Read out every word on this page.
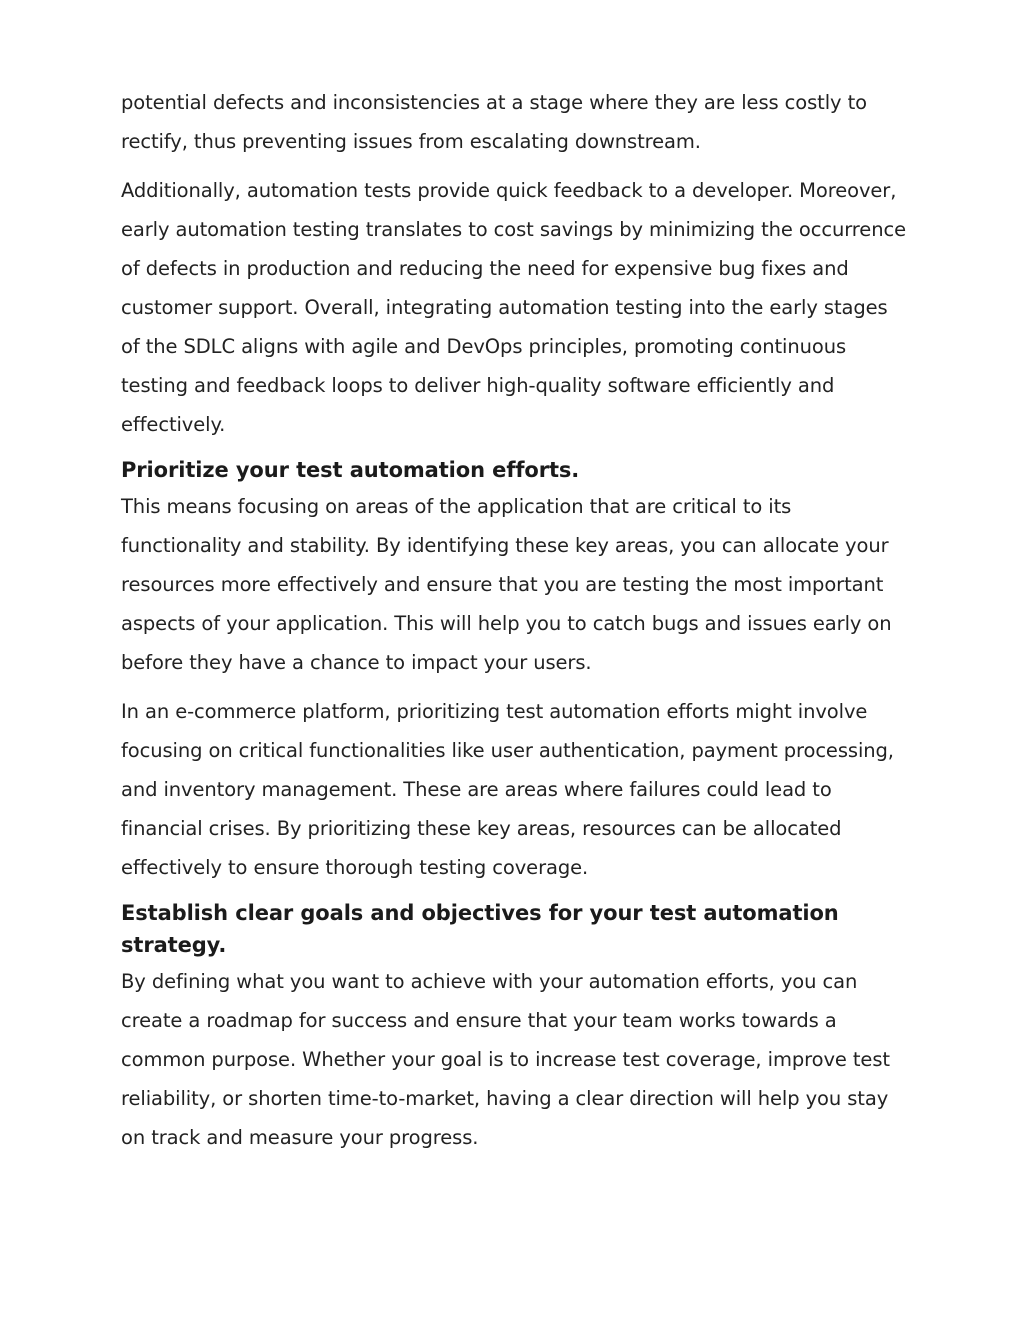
potential defects and inconsistencies at a stage where they are less costly to rectify, thus preventing issues from escalating downstream.

Additionally, automation tests provide quick feedback to a developer. Moreover, early automation testing translates to cost savings by minimizing the occurrence of defects in production and reducing the need for expensive bug fixes and customer support. Overall, integrating automation testing into the early stages of the SDLC aligns with agile and DevOps principles, promoting continuous testing and feedback loops to deliver high-quality software efficiently and effectively.

Prioritize your test automation efforts.

This means focusing on areas of the application that are critical to its functionality and stability. By identifying these key areas, you can allocate your resources more effectively and ensure that you are testing the most important aspects of your application. This will help you to catch bugs and issues early on before they have a chance to impact your users.

In an e-commerce platform, prioritizing test automation efforts might involve focusing on critical functionalities like user authentication, payment processing, and inventory management. These are areas where failures could lead to financial crises. By prioritizing these key areas, resources can be allocated effectively to ensure thorough testing coverage.

Establish clear goals and objectives for your test automation strategy.

By defining what you want to achieve with your automation efforts, you can create a roadmap for success and ensure that your team works towards a common purpose. Whether your goal is to increase test coverage, improve test reliability, or shorten time-to-market, having a clear direction will help you stay on track and measure your progress.
